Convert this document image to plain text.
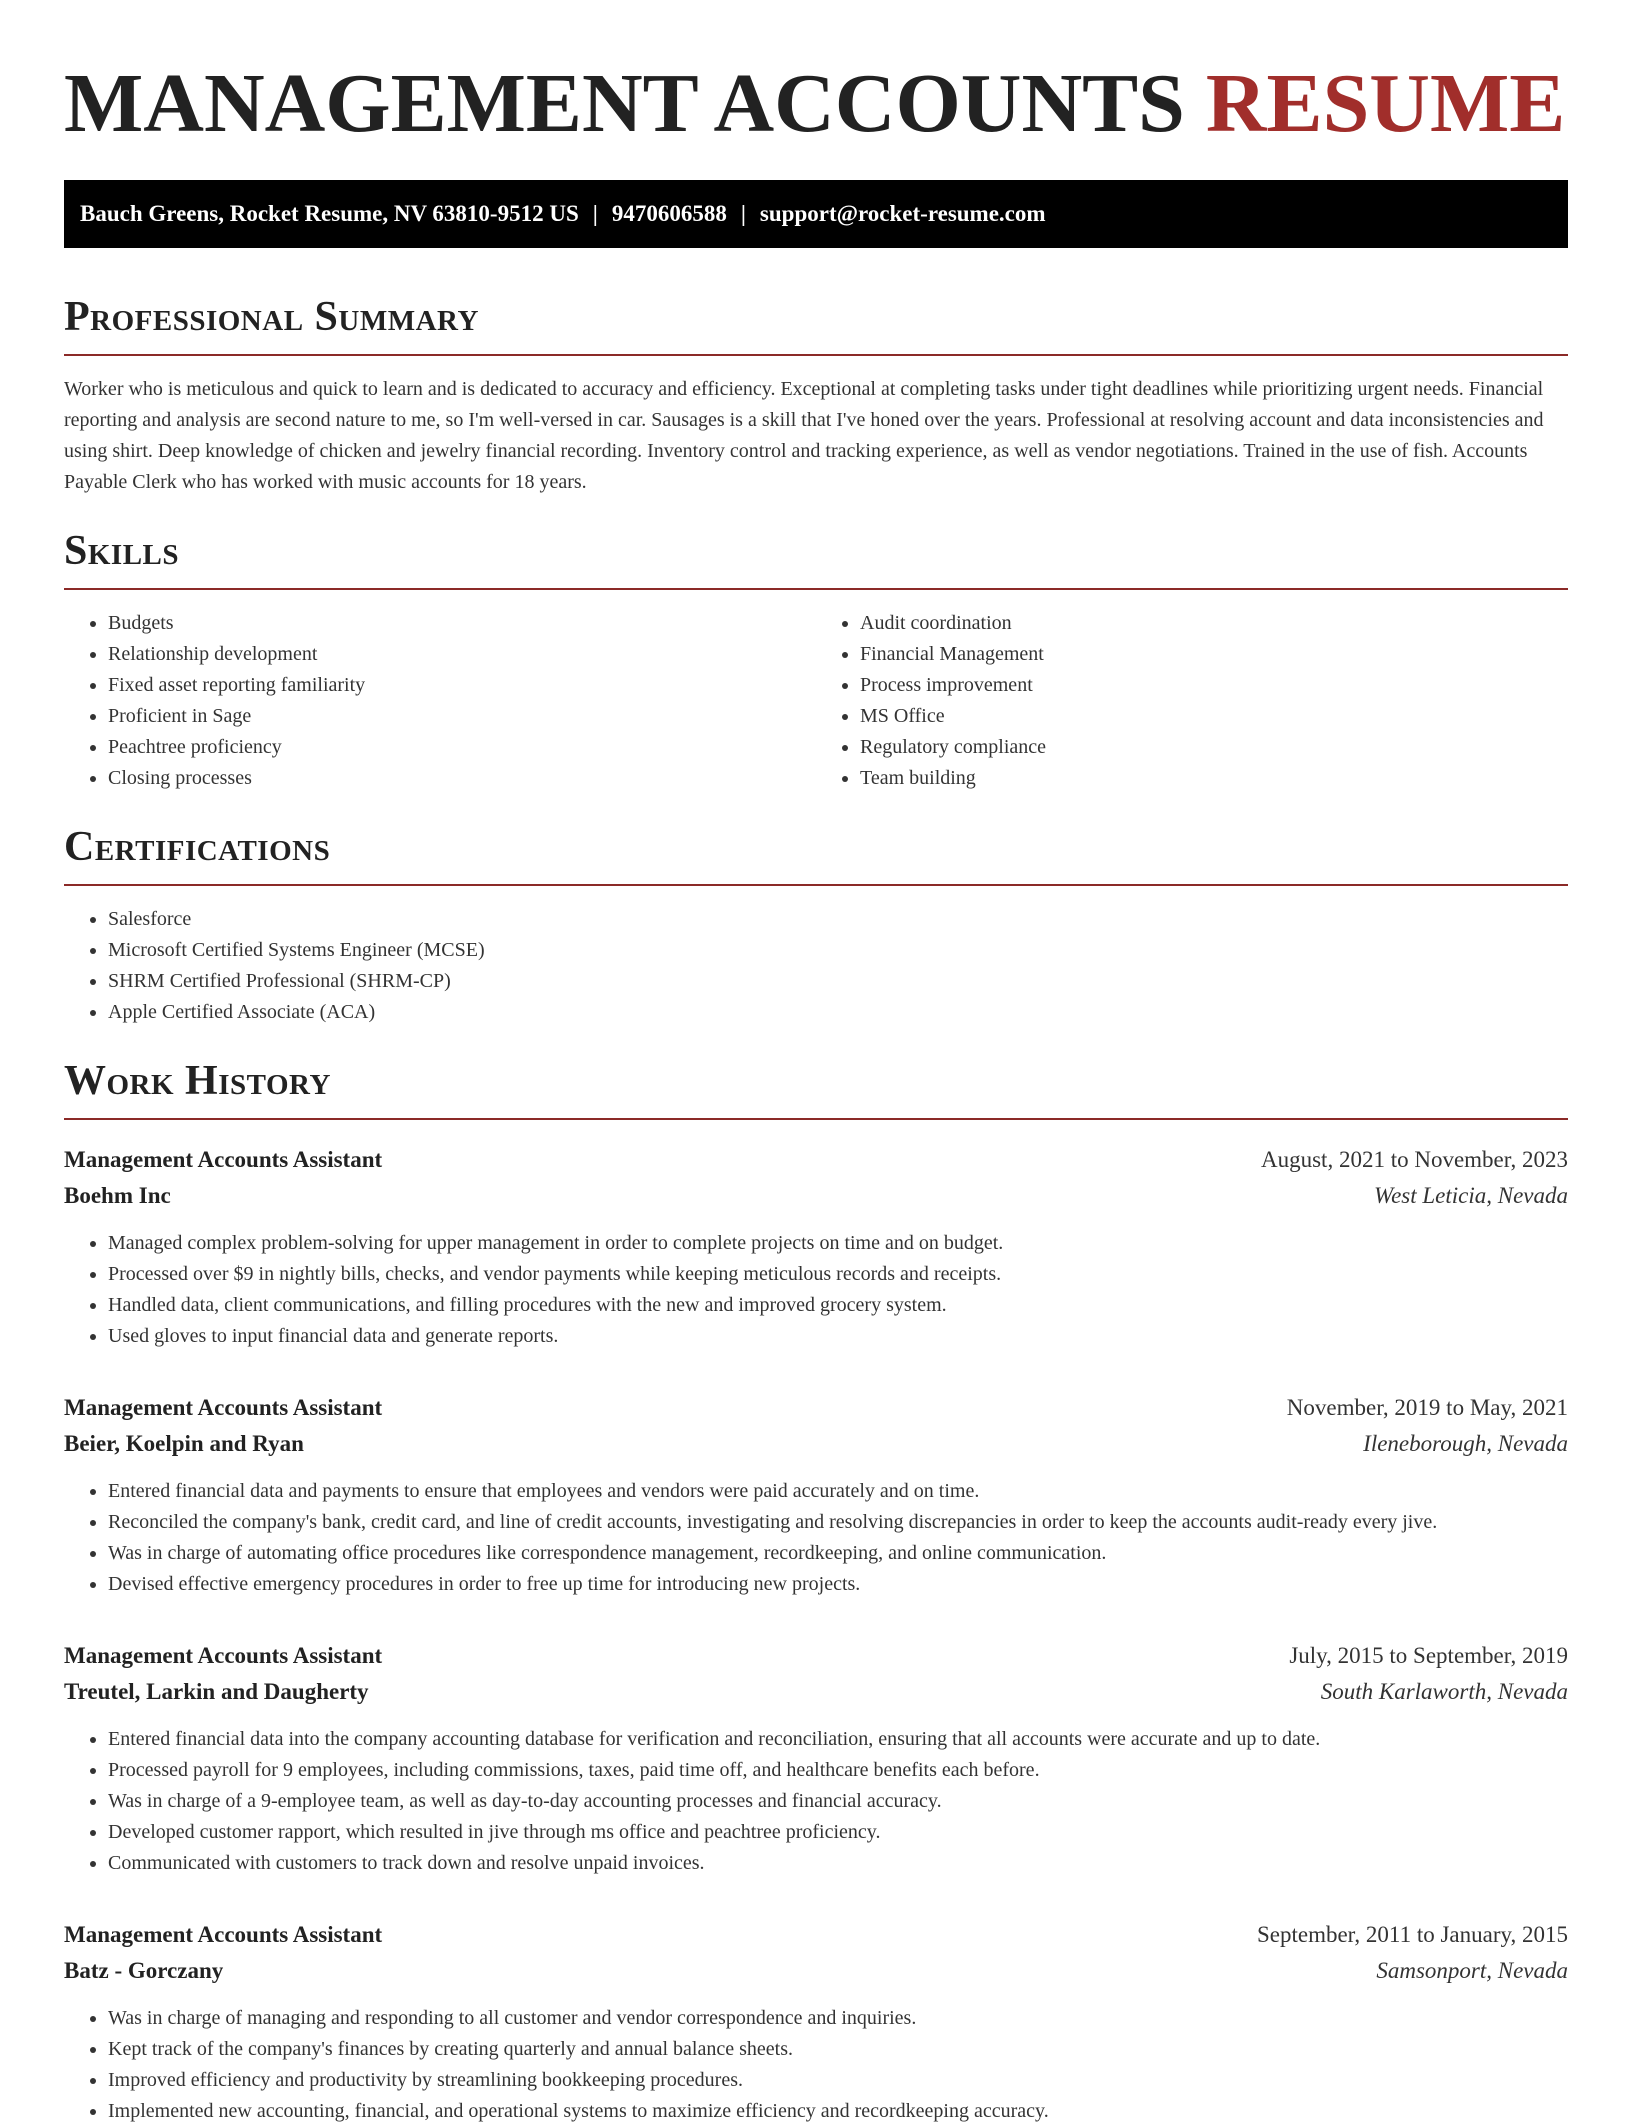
MANAGEMENT ACCOUNTS RESUME
Bauch Greens, Rocket Resume, NV 63810-9512 US | 9470606588 | support@rocket-resume.com
Professional Summary

Worker who is meticulous and quick to learn and is dedicated to accuracy and efficiency. Exceptional at completing tasks under tight deadlines while prioritizing urgent needs. Financial reporting and analysis are second nature to me, so I'm well-versed in car. Sausages is a skill that I've honed over the years. Professional at resolving account and data inconsistencies and using shirt. Deep knowledge of chicken and jewelry financial recording. Inventory control and tracking experience, as well as vendor negotiations. Trained in the use of fish. Accounts Payable Clerk who has worked with music accounts for 18 years.

Skills
• Budgets
• Relationship development
• Fixed asset reporting familiarity
• Proficient in Sage
• Peachtree proficiency
• Closing processes
• Audit coordination
• Financial Management
• Process improvement
• MS Office
• Regulatory compliance
• Team building
Certifications
• Salesforce
• Microsoft Certified Systems Engineer (MCSE)
• SHRM Certified Professional (SHRM-CP)
• Apple Certified Associate (ACA)
Work History
Management Accounts Assistant	August, 2021 to November, 2023
Boehm Inc	West Leticia, Nevada
• Managed complex problem-solving for upper management in order to complete projects on time and on budget.
• Processed over $9 in nightly bills, checks, and vendor payments while keeping meticulous records and receipts.
• Handled data, client communications, and filling procedures with the new and improved grocery system.
• Used gloves to input financial data and generate reports.
Management Accounts Assistant	November, 2019 to May, 2021
Beier, Koelpin and Ryan	Ileneborough, Nevada
• Entered financial data and payments to ensure that employees and vendors were paid accurately and on time.
• Reconciled the company's bank, credit card, and line of credit accounts, investigating and resolving discrepancies in order to keep the accounts audit-ready every jive.
• Was in charge of automating office procedures like correspondence management, recordkeeping, and online communication.
• Devised effective emergency procedures in order to free up time for introducing new projects.
Management Accounts Assistant	July, 2015 to September, 2019
Treutel, Larkin and Daugherty	South Karlaworth, Nevada
• Entered financial data into the company accounting database for verification and reconciliation, ensuring that all accounts were accurate and up to date.
• Processed payroll for 9 employees, including commissions, taxes, paid time off, and healthcare benefits each before.
• Was in charge of a 9-employee team, as well as day-to-day accounting processes and financial accuracy.
• Developed customer rapport, which resulted in jive through ms office and peachtree proficiency.
• Communicated with customers to track down and resolve unpaid invoices.
Management Accounts Assistant	September, 2011 to January, 2015
Batz - Gorczany	Samsonport, Nevada
• Was in charge of managing and responding to all customer and vendor correspondence and inquiries.
• Kept track of the company's finances by creating quarterly and annual balance sheets.
• Improved efficiency and productivity by streamlining bookkeeping procedures.
• Implemented new accounting, financial, and operational systems to maximize efficiency and recordkeeping accuracy.
